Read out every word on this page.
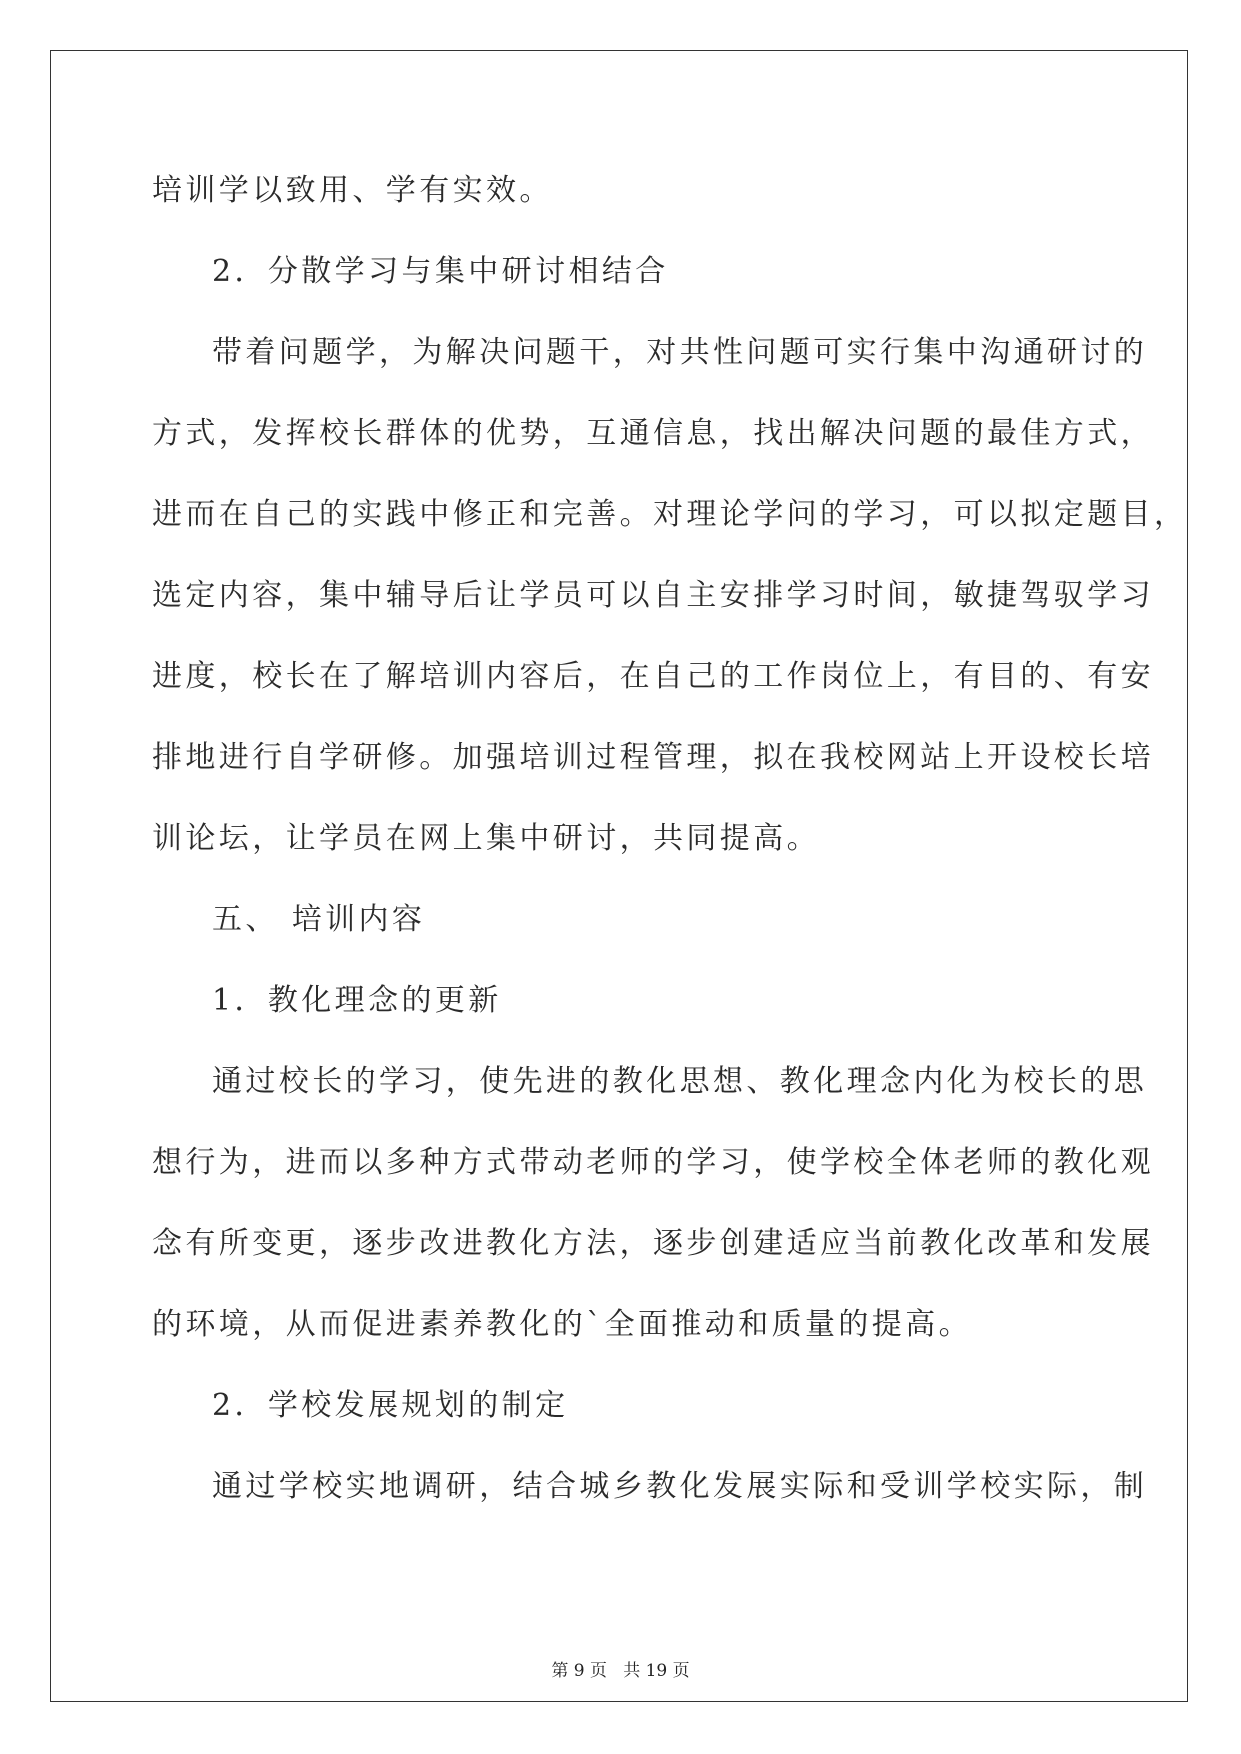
培训学以致用、学有实效。
2．分散学习与集中研讨相结合
带着问题学，为解决问题干，对共性问题可实行集中沟通研讨的
方式，发挥校长群体的优势，互通信息，找出解决问题的最佳方式，
进而在自己的实践中修正和完善。对理论学问的学习，可以拟定题目，
选定内容，集中辅导后让学员可以自主安排学习时间，敏捷驾驭学习
进度，校长在了解培训内容后，在自己的工作岗位上，有目的、有安
排地进行自学研修。加强培训过程管理，拟在我校网站上开设校长培
训论坛，让学员在网上集中研讨，共同提高。
五、 培训内容
1．教化理念的更新
通过校长的学习，使先进的教化思想、教化理念内化为校长的思
想行为，进而以多种方式带动老师的学习，使学校全体老师的教化观
念有所变更，逐步改进教化方法，逐步创建适应当前教化改革和发展
的环境，从而促进素养教化的`全面推动和质量的提高。
2．学校发展规划的制定
通过学校实地调研，结合城乡教化发展实际和受训学校实际，制
第 9 页   共 19 页
